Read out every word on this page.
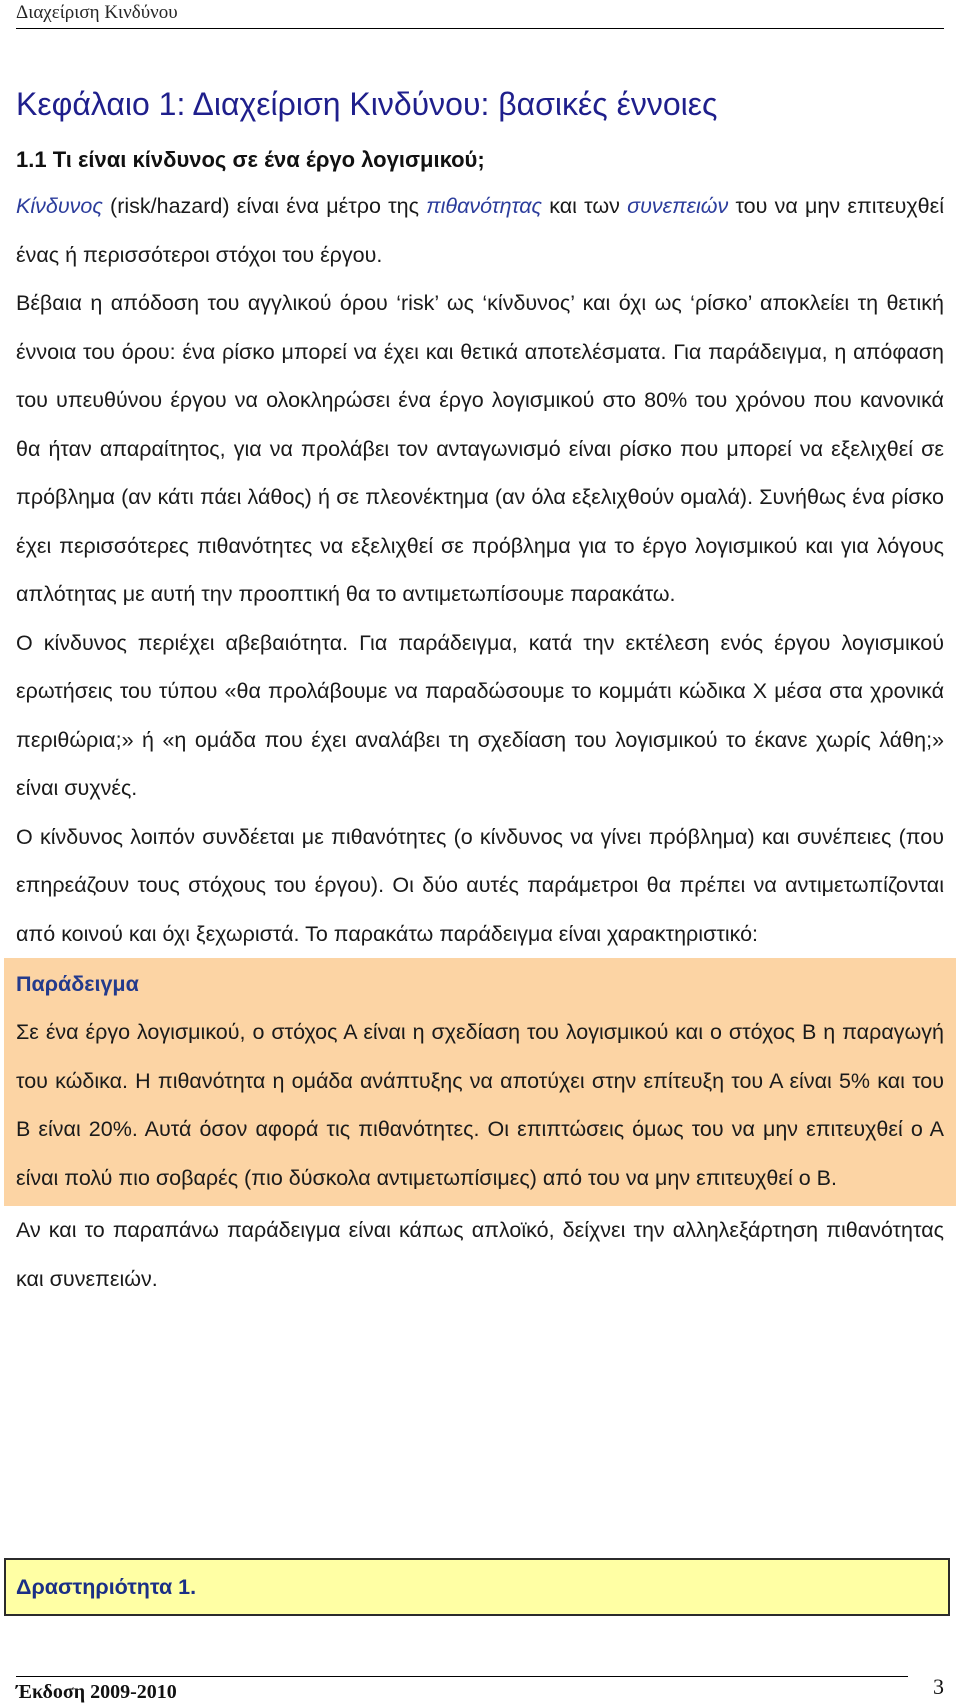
Διαχείριση Κινδύνου
Κεφάλαιο 1: Διαχείριση Κινδύνου: βασικές έννοιες
1.1 Τι είναι κίνδυνος σε ένα έργο λογισμικού;

Κίνδυνος (risk/hazard) είναι ένα μέτρο της πιθανότητας και των συνεπειών του να μην επιτευχθεί ένας ή περισσότεροι στόχοι του έργου.

Βέβαια η απόδοση του αγγλικού όρου ‘risk’ ως ‘κίνδυνος’ και όχι ως ‘ρίσκο’ αποκλείει τη θετική έννοια του όρου: ένα ρίσκο μπορεί να έχει και θετικά αποτελέσματα. Για παράδειγμα, η απόφαση του υπευθύνου έργου να ολοκληρώσει ένα έργο λογισμικού στο 80% του χρόνου που κανονικά θα ήταν απαραίτητος, για να προλάβει τον ανταγωνισμό είναι ρίσκο που μπορεί να εξελιχθεί σε πρόβλημα (αν κάτι πάει λάθος) ή σε πλεονέκτημα (αν όλα εξελιχθούν ομαλά). Συνήθως ένα ρίσκο έχει περισσότερες πιθανότητες να εξελιχθεί σε πρόβλημα για το έργο λογισμικού και για λόγους απλότητας με αυτή την προοπτική θα το αντιμετωπίσουμε παρακάτω.

Ο κίνδυνος περιέχει αβεβαιότητα. Για παράδειγμα, κατά την εκτέλεση ενός έργου λογισμικού ερωτήσεις του τύπου «θα προλάβουμε να παραδώσουμε το κομμάτι κώδικα Χ μέσα στα χρονικά περιθώρια;» ή «η ομάδα που έχει αναλάβει τη σχεδίαση του λογισμικού το έκανε χωρίς λάθη;» είναι συχνές.

Ο κίνδυνος λοιπόν συνδέεται με πιθανότητες (ο κίνδυνος να γίνει πρόβλημα) και συνέπειες (που επηρεάζουν τους στόχους του έργου). Οι δύο αυτές παράμετροι θα πρέπει να αντιμετωπίζονται από κοινού και όχι ξεχωριστά. Το παρακάτω παράδειγμα είναι χαρακτηριστικό:

Παράδειγμα

Σε ένα έργο λογισμικού, ο στόχος Α είναι η σχεδίαση του λογισμικού και ο στόχος Β η παραγωγή του κώδικα. Η πιθανότητα η ομάδα ανάπτυξης να αποτύχει στην επίτευξη του Α είναι 5% και του Β είναι 20%. Αυτά όσον αφορά τις πιθανότητες. Οι επιπτώσεις όμως του να μην επιτευχθεί ο Α είναι πολύ πιο σοβαρές (πιο δύσκολα αντιμετωπίσιμες) από του να μην επιτευχθεί ο Β.

Αν και το παραπάνω παράδειγμα είναι κάπως απλοϊκό, δείχνει την αλληλεξάρτηση πιθανότητας και συνεπειών.

Δραστηριότητα 1.
Έκδοση 2009-2010	3
